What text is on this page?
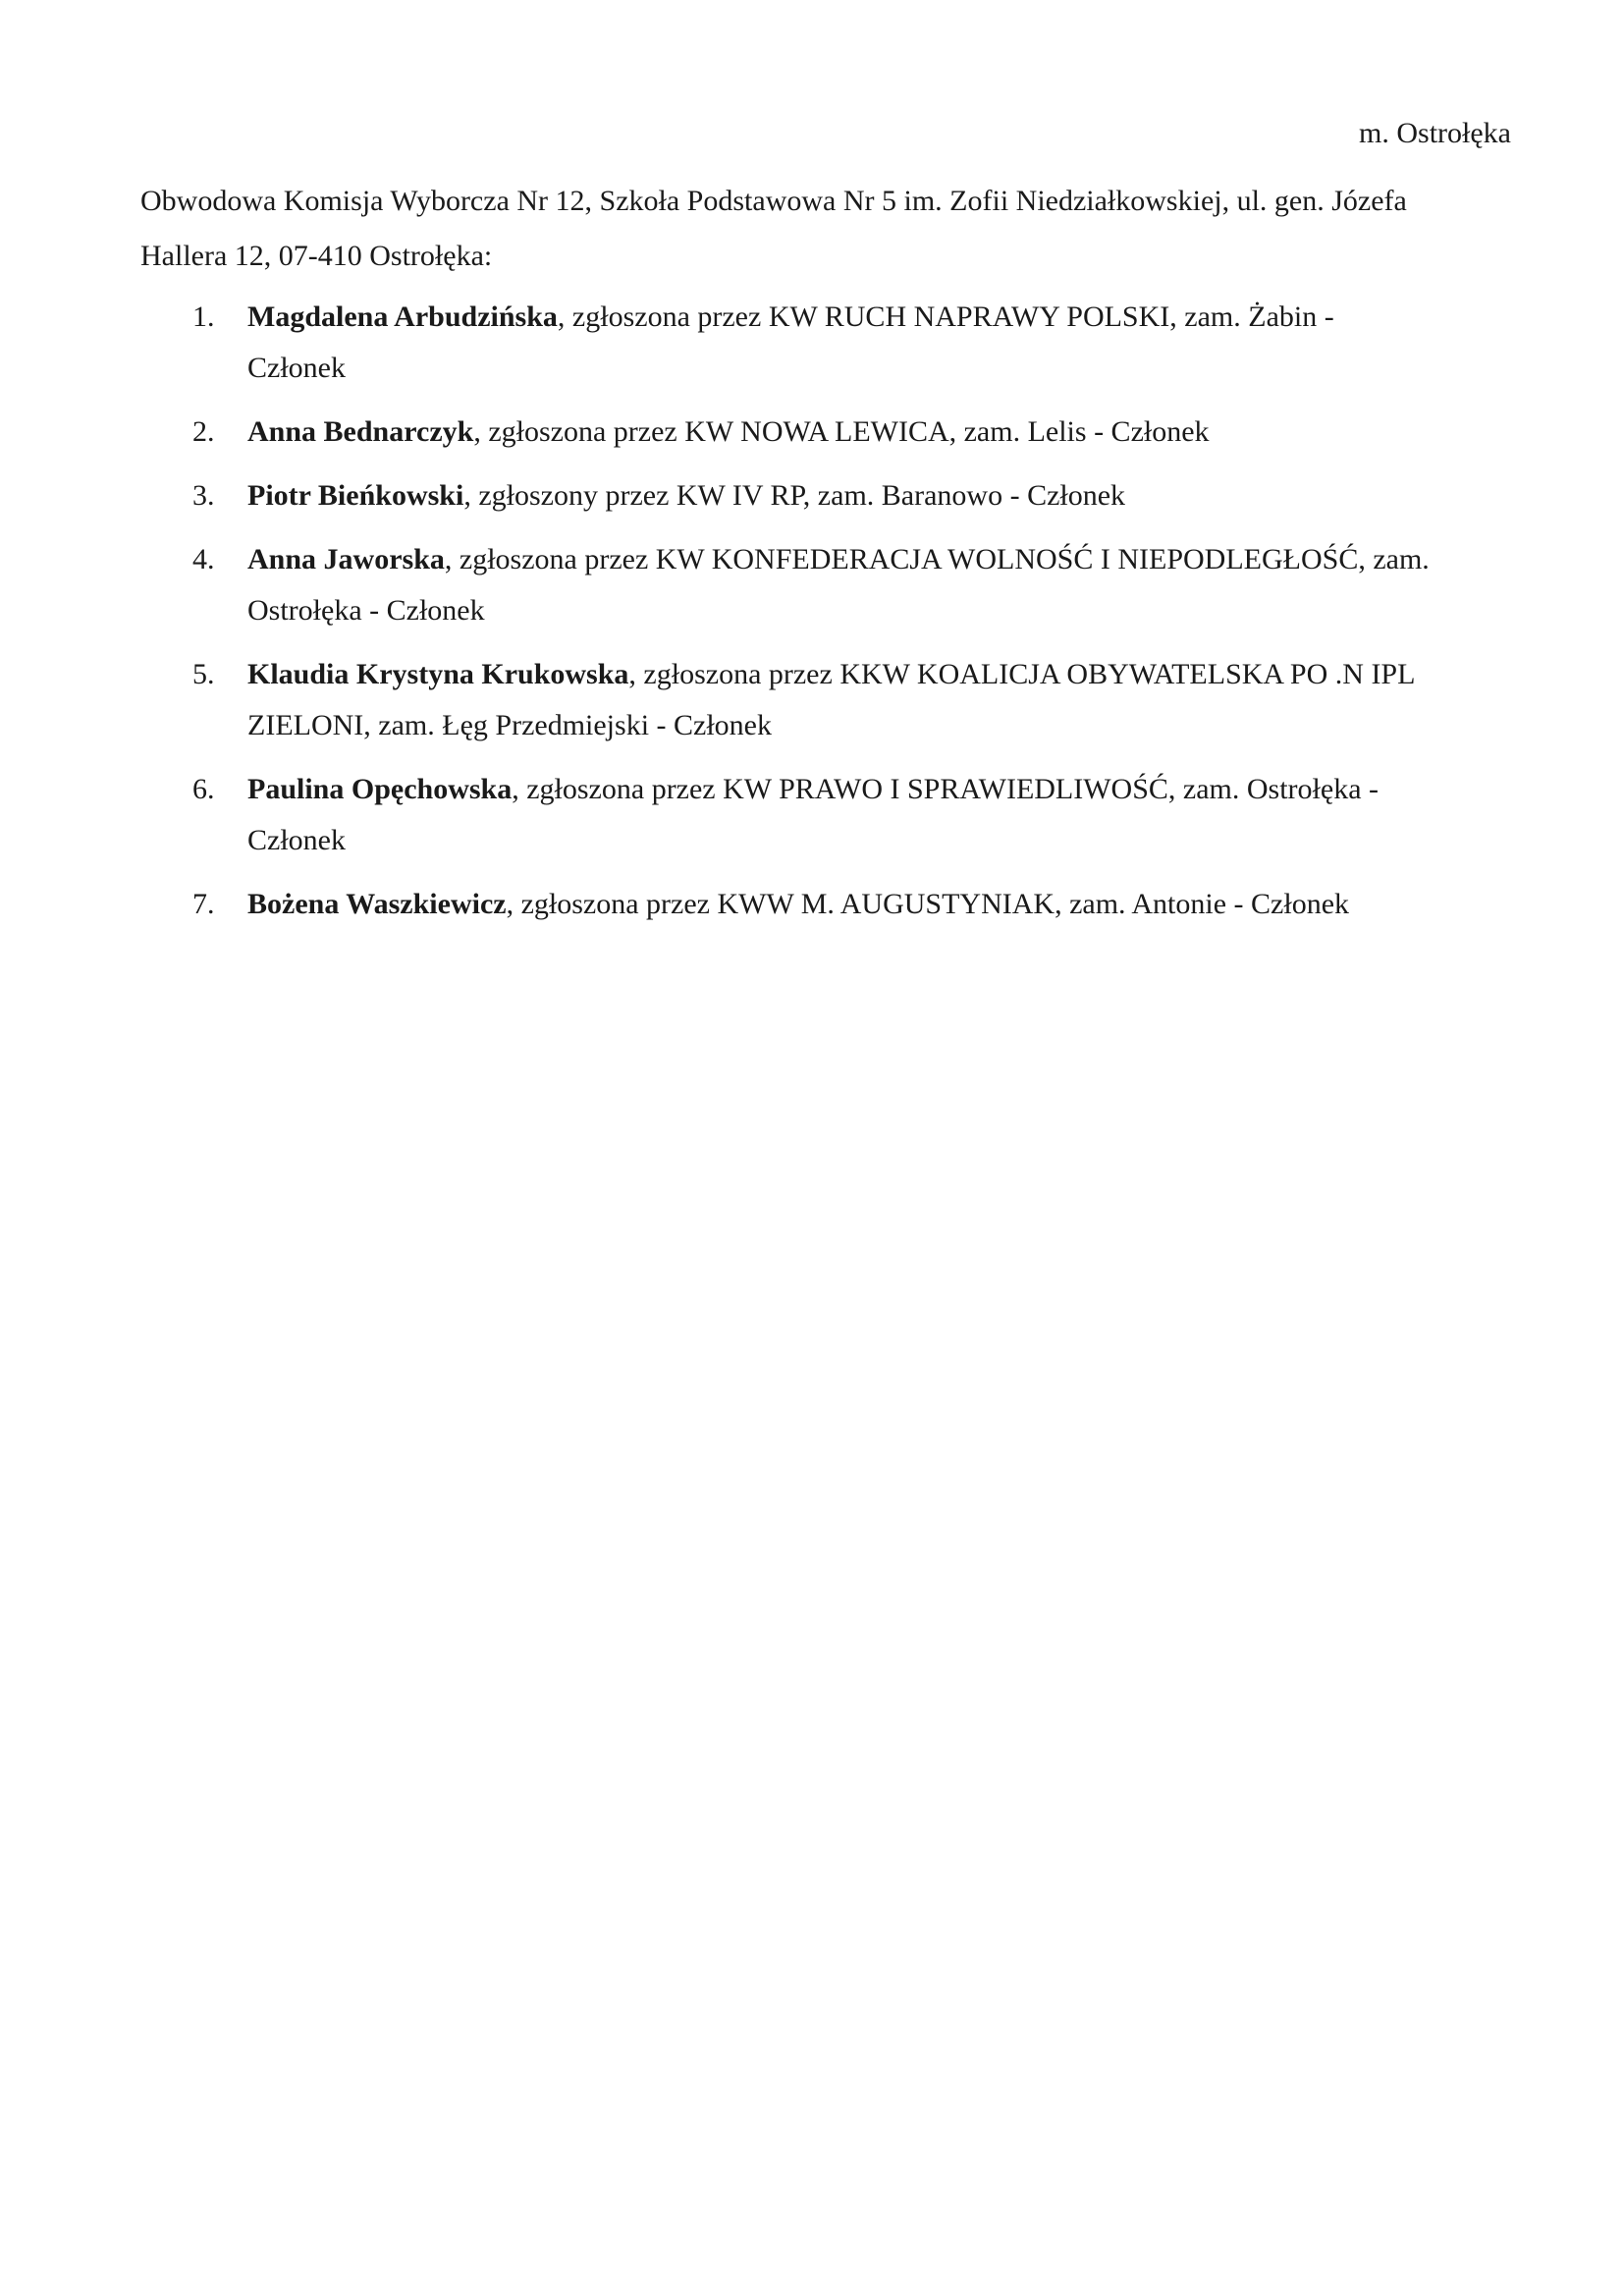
m. Ostrołęka
Obwodowa Komisja Wyborcza Nr 12, Szkoła Podstawowa Nr 5 im. Zofii Niedziałkowskiej, ul. gen. Józefa Hallera 12, 07-410 Ostrołęka:
1.	Magdalena Arbudzińska, zgłoszona przez KW RUCH NAPRAWY POLSKI, zam. Żabin - Członek
2.	Anna Bednarczyk, zgłoszona przez KW NOWA LEWICA, zam. Lelis - Członek
3.	Piotr Bieńkowski, zgłoszony przez KW IV RP, zam. Baranowo - Członek
4.	Anna Jaworska, zgłoszona przez KW KONFEDERACJA WOLNOŚĆ I NIEPODLEGŁOŚĆ, zam. Ostrołęka - Członek
5.	Klaudia Krystyna Krukowska, zgłoszona przez KKW KOALICJA OBYWATELSKA PO .N IPL ZIELONI, zam. Łęg Przedmiejski - Członek
6.	Paulina Opęchowska, zgłoszona przez KW PRAWO I SPRAWIEDLIWOŚĆ, zam. Ostrołęka - Członek
7.	Bożena Waszkiewicz, zgłoszona przez KWW M. AUGUSTYNIAK, zam. Antonie - Członek
